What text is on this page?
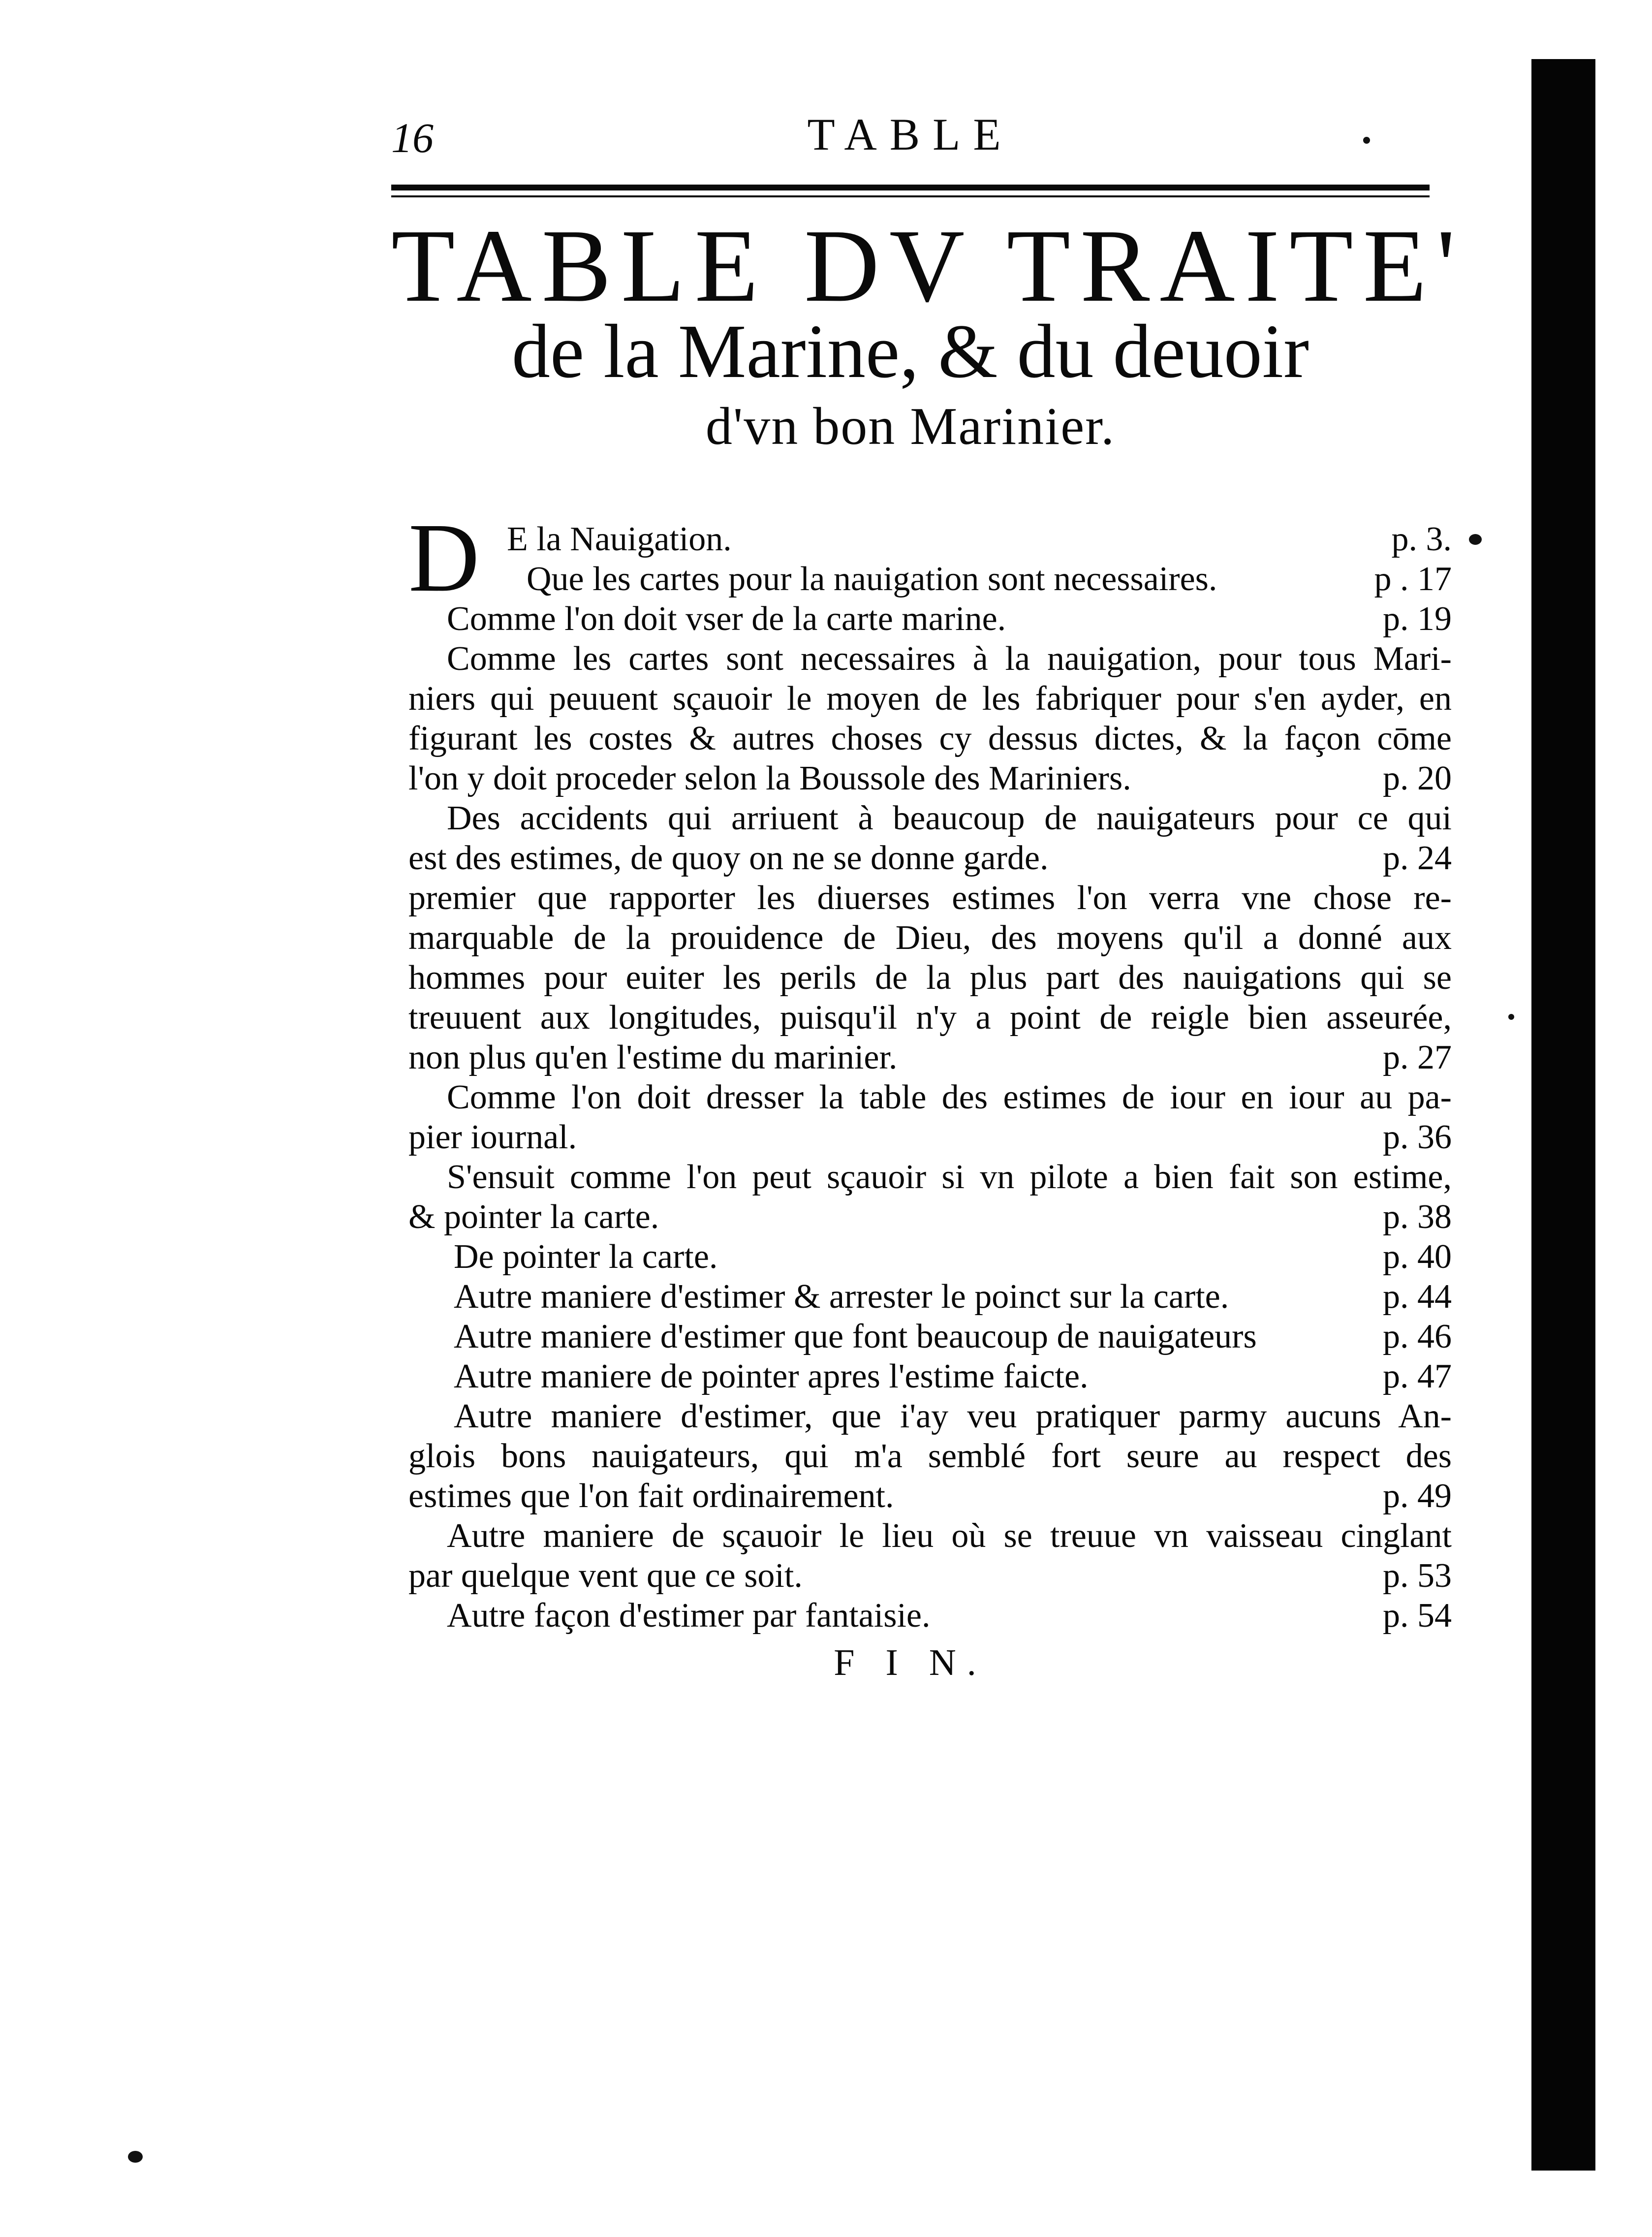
16	TABLE
TABLE DV TRAITE'
de la Marine, & du deuoir
d'vn bon Marinier.
D E la Nauigation.	p. 3.
Que les cartes pour la nauigation sont necessaires.	p . 17
Comme l'on doit vser de la carte marine.	p. 19
Comme les cartes sont necessaires à la nauigation, pour tous Mari-
niers qui peuuent sçauoir le moyen de les fabriquer pour s'en ayder, en
figurant les costes & autres choses cy dessus dictes, & la façon cōme
l'on y doit proceder selon la Boussole des Mariniers.	p. 20
Des accidents qui arriuent à beaucoup de nauigateurs pour ce qui
est des estimes, de quoy on ne se donne garde.	p. 24
premier que rapporter les diuerses estimes l'on verra vne chose re-
marquable de la prouidence de Dieu, des moyens qu'il a donné aux
hommes pour euiter les perils de la plus part des nauigations qui se
treuuent aux longitudes, puisqu'il n'y a point de reigle bien asseurée,
non plus qu'en l'estime du marinier.	p. 27
Comme l'on doit dresser la table des estimes de iour en iour au pa-
pier iournal.	p. 36
S'ensuit comme l'on peut sçauoir si vn pilote a bien fait son estime,
& pointer la carte.	p. 38
De pointer la carte.	p. 40
Autre maniere d'estimer & arrester le poinct sur la carte.	p. 44
Autre maniere d'estimer que font beaucoup de nauigateurs	p. 46
Autre maniere de pointer apres l'estime faicte.	p. 47
Autre maniere d'estimer, que i'ay veu pratiquer parmy aucuns An-
glois bons nauigateurs, qui m'a semblé fort seure au respect des
estimes que l'on fait ordinairement.	p. 49
Autre maniere de sçauoir le lieu où se treuue vn vaisseau cinglant
par quelque vent que ce soit.	p. 53
Autre façon d'estimer par fantaisie.	p. 54
F I N.
